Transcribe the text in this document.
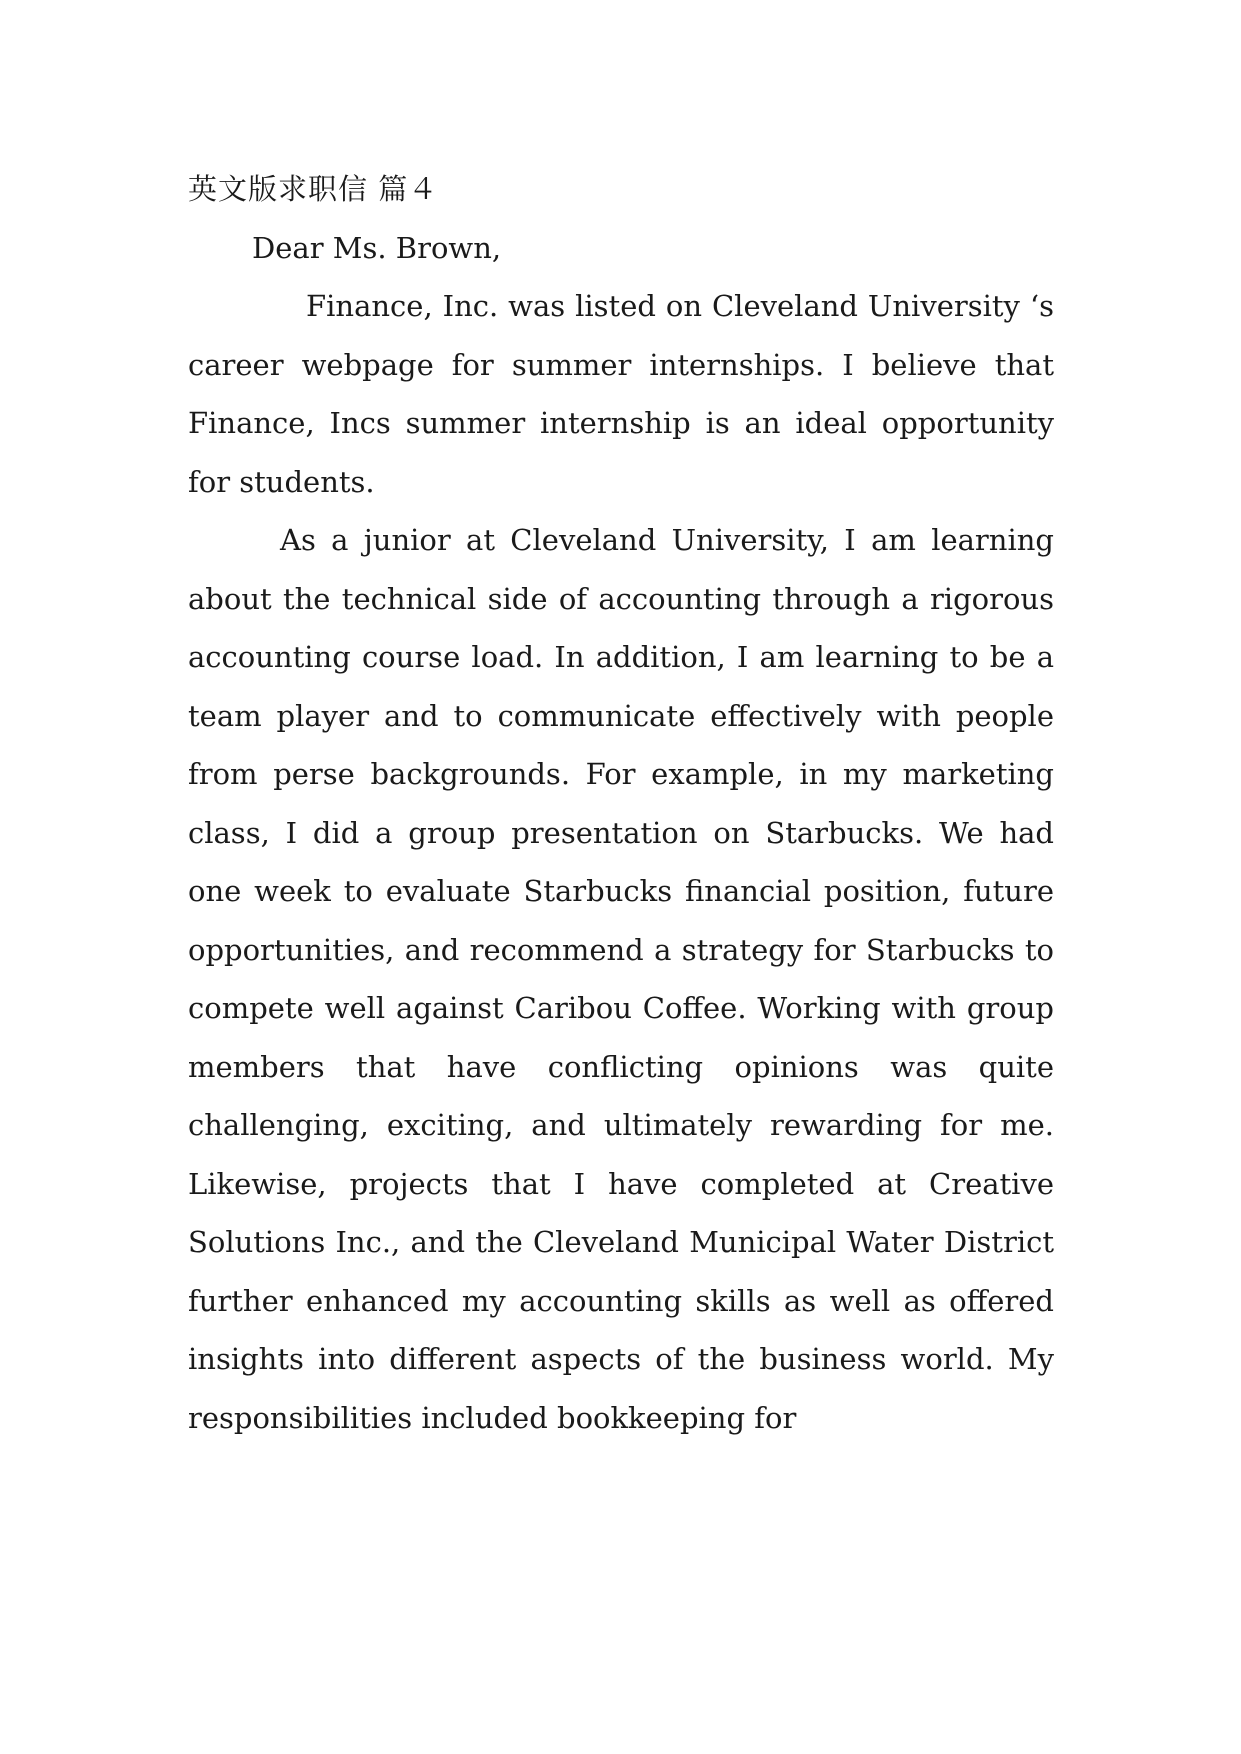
英文版求职信 篇４

Dear Ms. Brown,

Finance, Inc. was listed on Cleveland University ‘s career webpage for summer internships. I believe that Finance, Incs summer internship is an ideal opportunity for students.

As a junior at Cleveland University, I am learning about the technical side of accounting through a rigorous accounting course load. In addition, I am learning to be a team player and to communicate effectively with people from perse backgrounds. For example, in my marketing class, I did a group presentation on Starbucks. We had one week to evaluate Starbucks financial position, future opportunities, and recommend a strategy for Starbucks to compete well against Caribou Coffee. Working with group members that have conflicting opinions was quite challenging, exciting, and ultimately rewarding for me. Likewise, projects that I have completed at Creative Solutions Inc., and the Cleveland Municipal Water District further enhanced my accounting skills as well as offered insights into different aspects of the business world. My responsibilities included bookkeeping for
